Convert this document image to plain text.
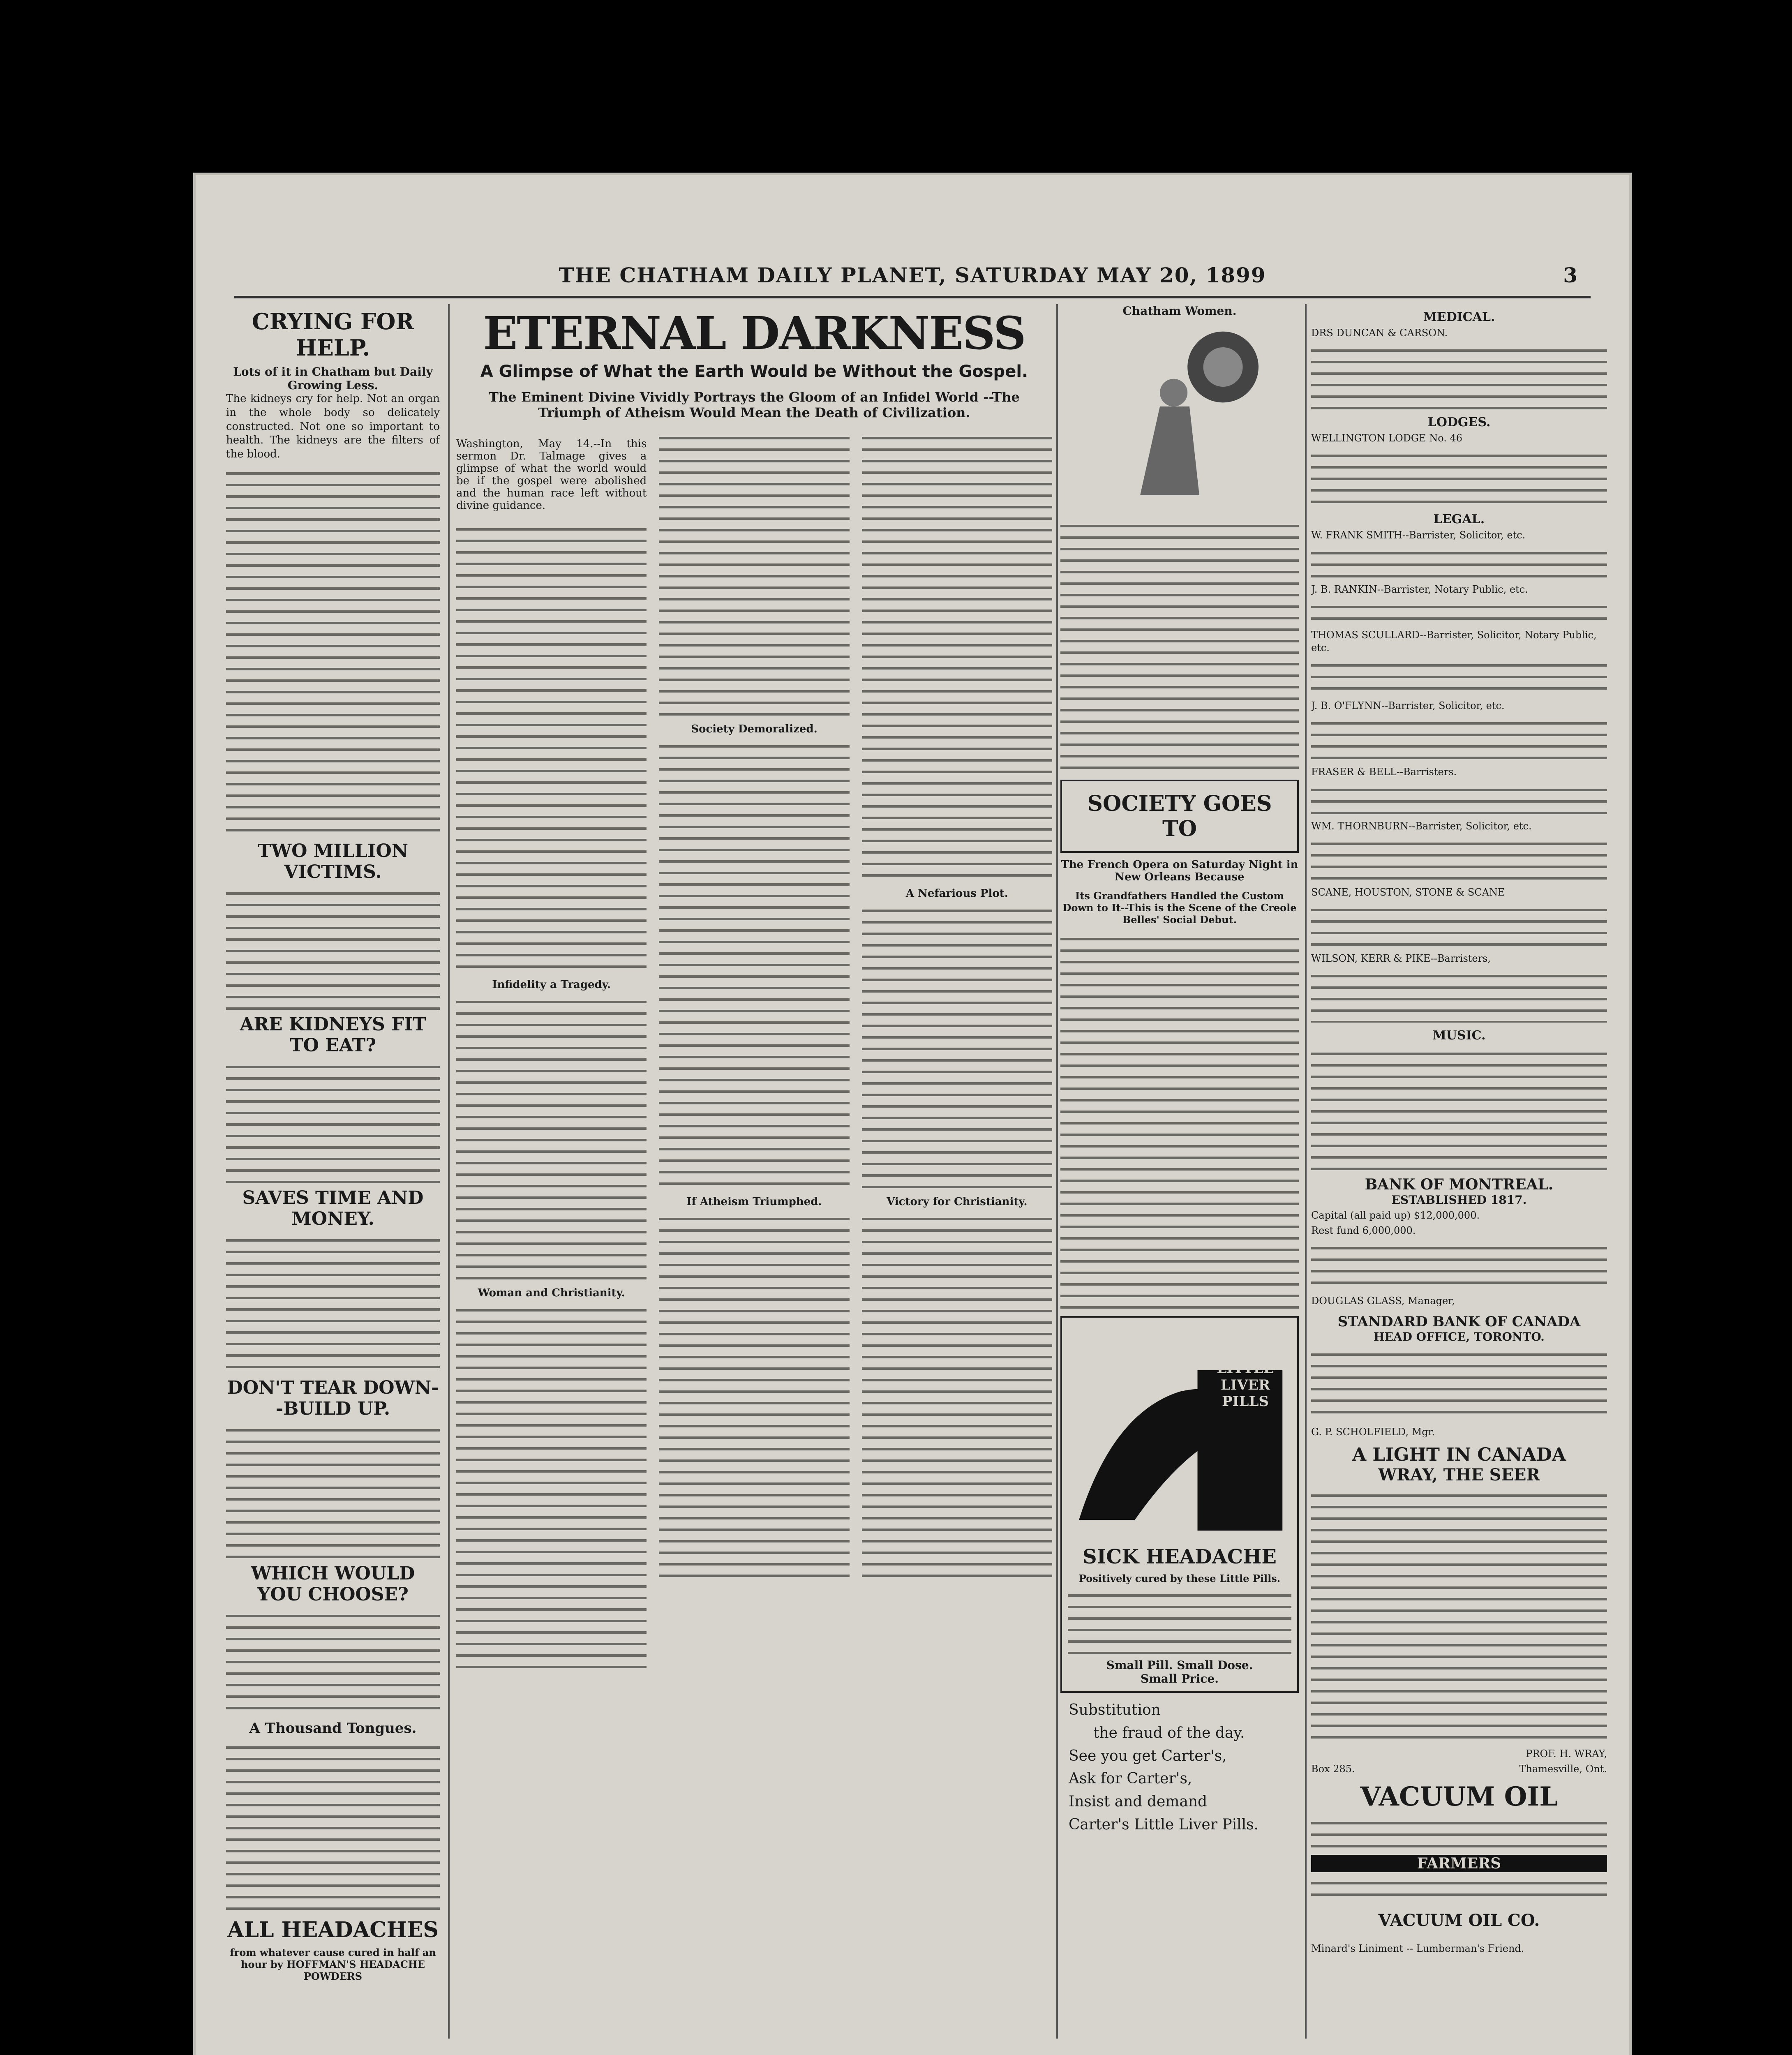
THE CHATHAM DAILY PLANET, SATURDAY MAY 20, 1899	3
CRYING FOR HELP.
Lots of it in Chatham but Daily Growing Less.

The kidneys cry for help. Not an organ in the whole body so delicately constructed. Not one so important to health. The kidneys are the filters of the blood.

TWO MILLION VICTIMS.
ARE KIDNEYS FIT TO EAT?
SAVES TIME AND MONEY.
DON'T TEAR DOWN--BUILD UP.
WHICH WOULD YOU CHOOSE?
A Thousand Tongues.
ALL HEADACHES
from whatever cause cured in half an hour by HOFFMAN'S HEADACHE POWDERS
ETERNAL DARKNESS
A Glimpse of What the Earth Would be Without the Gospel.
The Eminent Divine Vividly Portrays the Gloom of an Infidel World --The Triumph of Atheism Would Mean the Death of Civilization.

Washington, May 14.--In this sermon Dr. Talmage gives a glimpse of what the world would be if the gospel were abolished and the human race left without divine guidance.

Infidelity a Tragedy.
Woman and Christianity.
Society Demoralized.
If Atheism Triumphed.
A Nefarious Plot.
Victory for Christianity.
Chatham Women.
SOCIETY GOES TO
The French Opera on Saturday Night in New Orleans Because
Its Grandfathers Handled the Custom Down to It--This is the Scene of the Creole Belles' Social Debut.
CARTERS
LITTLE
LIVER
PILLS
SICK HEADACHE
Positively cured by these Little Pills.
Small Pill. Small Dose.
Small Price.
Substitution
the fraud of the day.
See you get Carter's,
Ask for Carter's,
Insist and demand
Carter's Little Liver Pills.
MEDICAL.
DRS DUNCAN & CARSON.
LODGES.
WELLINGTON LODGE No. 46
LEGAL.
W. FRANK SMITH--Barrister, Solicitor, etc.
J. B. RANKIN--Barrister, Notary Public, etc.
THOMAS SCULLARD--Barrister, Solicitor, Notary Public, etc.
J. B. O'FLYNN--Barrister, Solicitor, etc.
FRASER & BELL--Barristers.
WM. THORNBURN--Barrister, Solicitor, etc.
SCANE, HOUSTON, STONE & SCANE
WILSON, KERR & PIKE--Barristers,
MUSIC.
BANK OF MONTREAL.
ESTABLISHED 1817.
Capital (all paid up) $12,000,000.
Rest fund 6,000,000.
DOUGLAS GLASS, Manager,
STANDARD BANK OF CANADA
HEAD OFFICE, TORONTO.
G. P. SCHOLFIELD, Mgr.
A LIGHT IN CANADA
WRAY, THE SEER
PROF. H. WRAY,
Box 285.	Thamesville, Ont.
VACUUM OIL
FARMERS
VACUUM OIL CO.
Minard's Liniment -- Lumberman's Friend.
